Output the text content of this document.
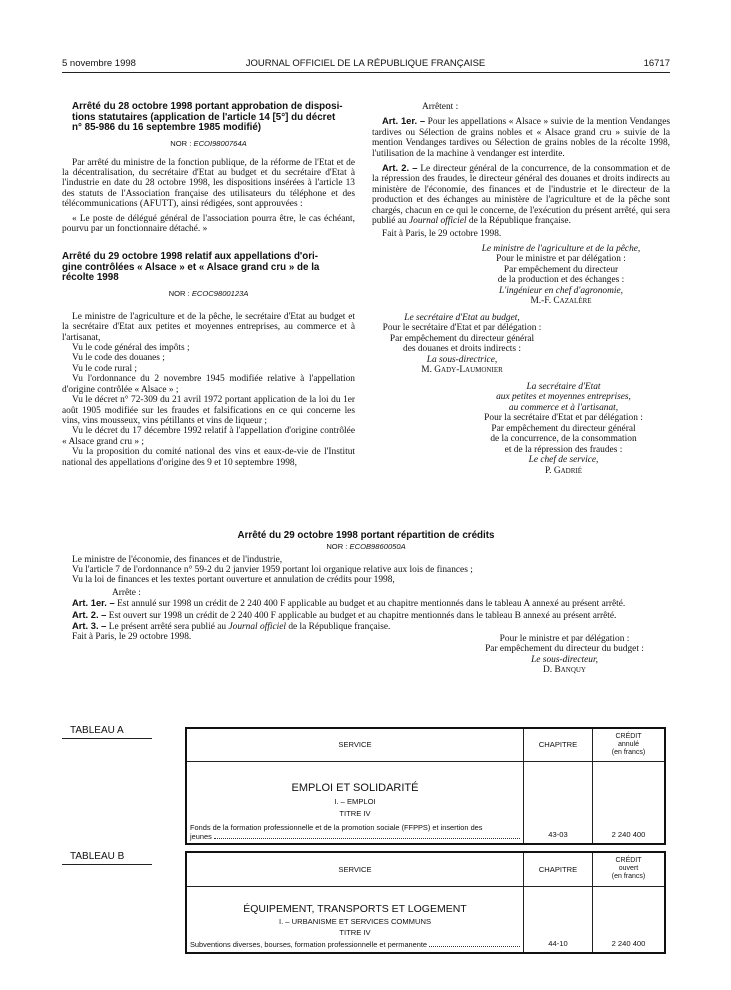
5 novembre 1998	JOURNAL OFFICIEL DE LA RÉPUBLIQUE FRANÇAISE	16717
Arrêté du 28 octobre 1998 portant approbation de disposi-
tions statutaires (application de l'article 14 [5°] du décret
n° 85-986 du 16 septembre 1985 modifié)
NOR : ECOI9800764A

Par arrêté du ministre de la fonction publique, de la réforme de l'Etat et de la décentralisation, du secrétaire d'Etat au budget et du secrétaire d'Etat à l'industrie en date du 28 octobre 1998, les dispositions insérées à l'article 13 des statuts de l'Association française des utilisateurs du téléphone et des télécommunications (AFUTT), ainsi rédigées, sont approuvées :

« Le poste de délégué général de l'association pourra être, le cas échéant, pourvu par un fonctionnaire détaché. »

Arrêté du 29 octobre 1998 relatif aux appellations d'ori-
gine contrôlées « Alsace » et « Alsace grand cru » de la
récolte 1998
NOR : ECOC9800123A

Le ministre de l'agriculture et de la pêche, le secrétaire d'Etat au budget et la secrétaire d'Etat aux petites et moyennes entreprises, au commerce et à l'artisanat,

Vu le code général des impôts ;

Vu le code des douanes ;

Vu le code rural ;

Vu l'ordonnance du 2 novembre 1945 modifiée relative à l'appellation d'origine contrôlée « Alsace » ;

Vu le décret n° 72-309 du 21 avril 1972 portant application de la loi du 1er août 1905 modifiée sur les fraudes et falsifications en ce qui concerne les vins, vins mousseux, vins pétillants et vins de liqueur ;

Vu le décret du 17 décembre 1992 relatif à l'appellation d'origine contrôlée « Alsace grand cru » ;

Vu la proposition du comité national des vins et eaux-de-vie de l'Institut national des appellations d'origine des 9 et 10 septembre 1998,

Arrêtent :

Art. 1er. – Pour les appellations « Alsace » suivie de la mention Vendanges tardives ou Sélection de grains nobles et « Alsace grand cru » suivie de la mention Vendanges tardives ou Sélection de grains nobles de la récolte 1998, l'utilisation de la machine à vendanger est interdite.

Art. 2. – Le directeur général de la concurrence, de la consommation et de la répression des fraudes, le directeur général des douanes et droits indirects au ministère de l'économie, des finances et de l'industrie et le directeur de la production et des échanges au ministère de l'agriculture et de la pêche sont chargés, chacun en ce qui le concerne, de l'exécution du présent arrêté, qui sera publié au Journal officiel de la République française.

Fait à Paris, le 29 octobre 1998.

Le ministre de l'agriculture et de la pêche,
Pour le ministre et par délégation :
Par empêchement du directeur
de la production et des échanges :
L'ingénieur en chef d'agronomie,
M.-F. Cazalère
Le secrétaire d'Etat au budget,
Pour le secrétaire d'Etat et par délégation :
Par empêchement du directeur général
des douanes et droits indirects :
La sous-directrice,
M. Gady-Laumonier
La secrétaire d'Etat
aux petites et moyennes entreprises,
au commerce et à l'artisanat,
Pour la secrétaire d'Etat et par délégation :
Par empêchement du directeur général
de la concurrence, de la consommation
et de la répression des fraudes :
Le chef de service,
P. Gadrié
Arrêté du 29 octobre 1998 portant répartition de crédits
NOR : ECOB9860050A

Le ministre de l'économie, des finances et de l'industrie,

Vu l'article 7 de l'ordonnance n° 59-2 du 2 janvier 1959 portant loi organique relative aux lois de finances ;

Vu la loi de finances et les textes portant ouverture et annulation de crédits pour 1998,

Arrête :

Art. 1er. – Est annulé sur 1998 un crédit de 2 240 400 F applicable au budget et au chapitre mentionnés dans le tableau A annexé au présent arrêté.

Art. 2. – Est ouvert sur 1998 un crédit de 2 240 400 F applicable au budget et au chapitre mentionnés dans le tableau B annexé au présent arrêté.

Art. 3. – Le présent arrêté sera publié au Journal officiel de la République française.

Fait à Paris, le 29 octobre 1998.	Pour le ministre et par délégation :
Par empêchement du directeur du budget :
Le sous-directeur,
D. Banquy
TABLEAU A
SERVICE	CHAPITRE	CRÉDIT
annulé
(en francs)

EMPLOI ET SOLIDARITÉ
I. – EMPLOI
TITRE IV
Fonds de la formation professionnelle et de la promotion sociale (FFPPS) et insertion des
jeunes	43-03	2 240 400
TABLEAU B
SERVICE	CHAPITRE	CRÉDIT
ouvert
(en francs)

ÉQUIPEMENT, TRANSPORTS ET LOGEMENT
I. – URBANISME ET SERVICES COMMUNS
TITRE IV
Subventions diverses, bourses, formation professionnelle et permanente	44-10	2 240 400
